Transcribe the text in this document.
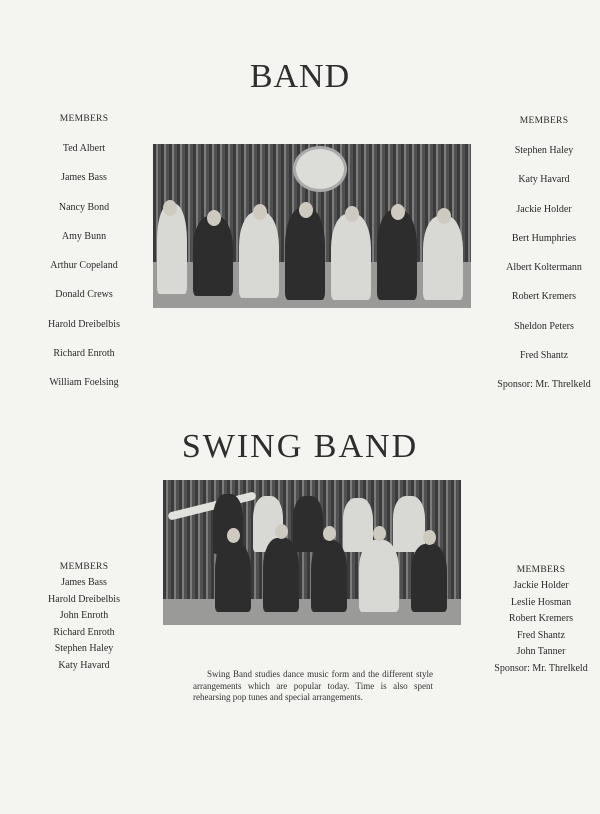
BAND
MEMBERS
Ted Albert
James Bass
Nancy Bond
Amy Bunn
Arthur Copeland
Donald Crews
Harold Dreibelbis
Richard Enroth
William Foelsing
MEMBERS
Stephen Haley
Katy Havard
Jackie Holder
Bert Humphries
Albert Koltermann
Robert Kremers
Sheldon Peters
Fred Shantz
Sponsor: Mr. Threlkeld
SWING BAND
MEMBERS
James Bass
Harold Dreibelbis
John Enroth
Richard Enroth
Stephen Haley
Katy Havard
MEMBERS
Jackie Holder
Leslie Hosman
Robert Kremers
Fred Shantz
John Tanner
Sponsor: Mr. Threlkeld
Swing Band studies dance music form and the different style arrangements which are popular today. Time is also spent rehearsing pop tunes and special arrangements.
